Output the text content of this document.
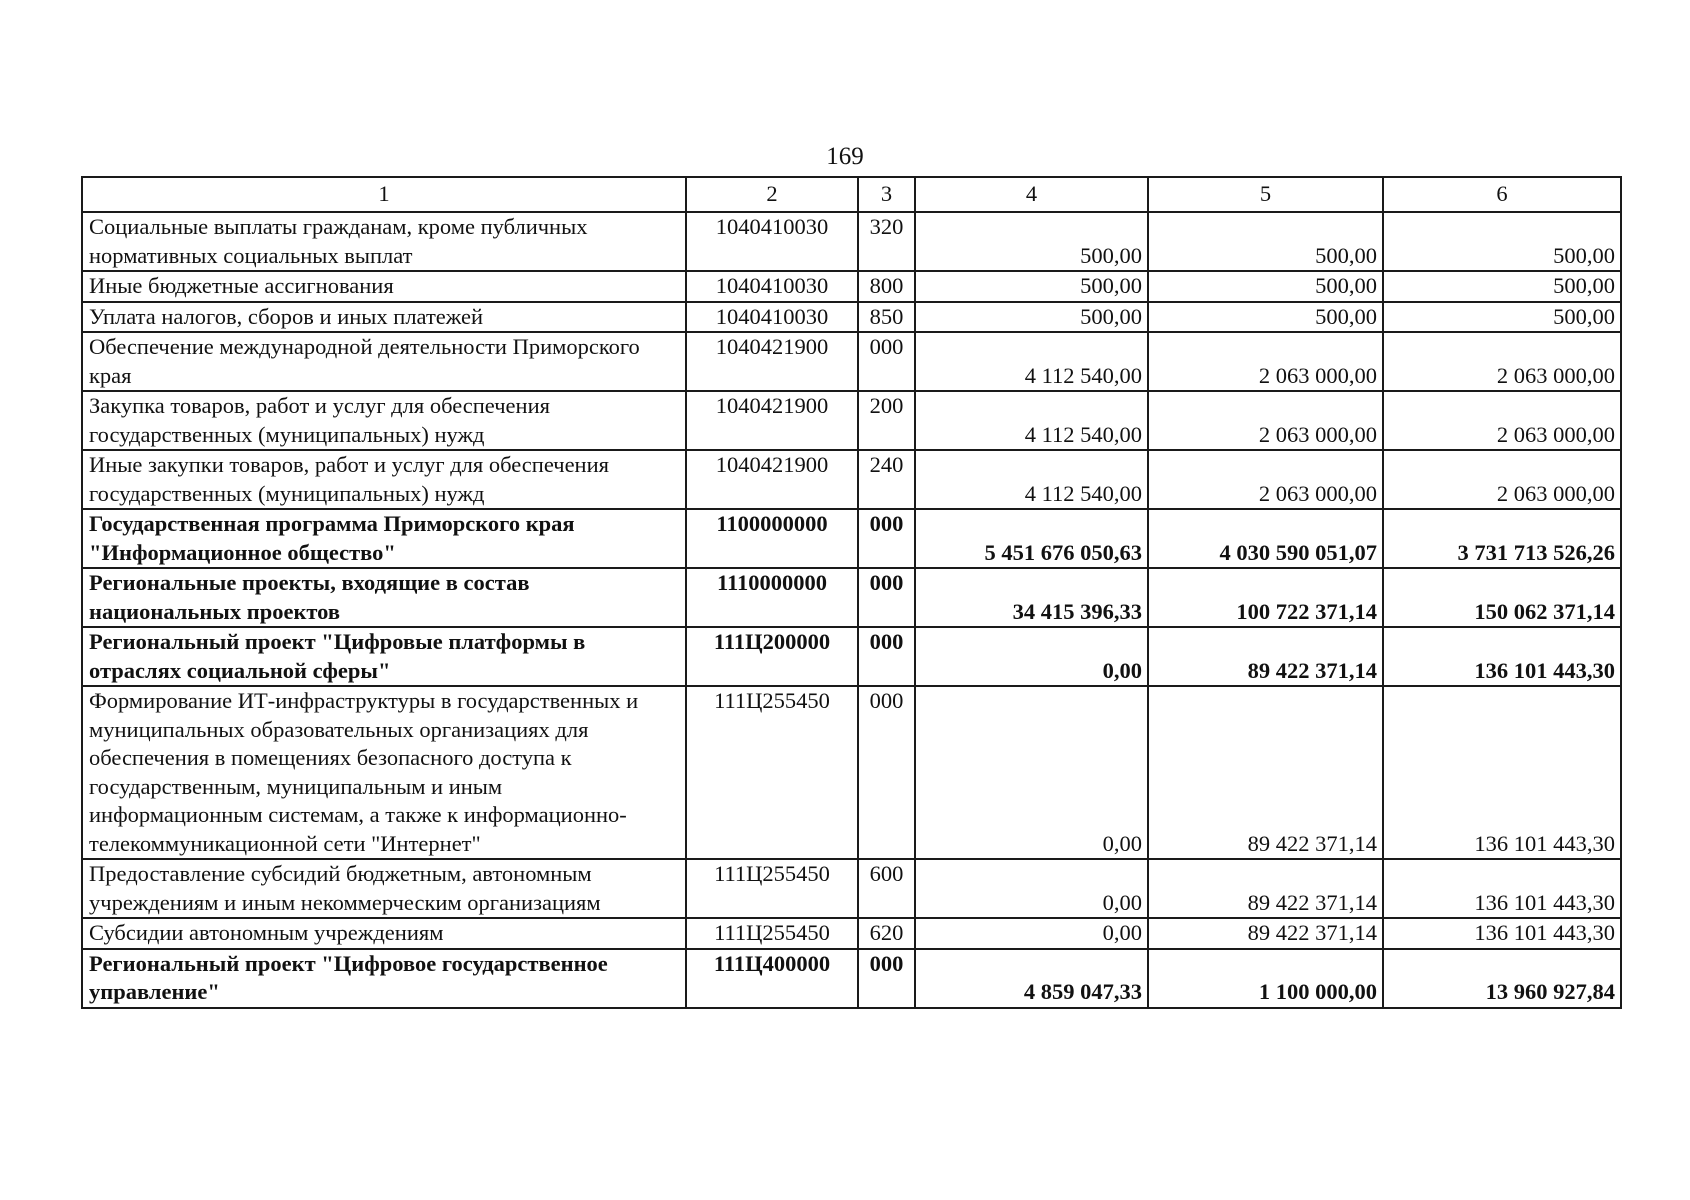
169
1	2	3	4	5	6
Социальные выплаты гражданам, кроме публичных нормативных социальных выплат	1040410030	320	500,00	500,00	500,00
Иные бюджетные ассигнования	1040410030	800	500,00	500,00	500,00
Уплата налогов, сборов и иных платежей	1040410030	850	500,00	500,00	500,00
Обеспечение международной деятельности Приморского края	1040421900	000	4 112 540,00	2 063 000,00	2 063 000,00
Закупка товаров, работ и услуг для обеспечения государственных (муниципальных) нужд	1040421900	200	4 112 540,00	2 063 000,00	2 063 000,00
Иные закупки товаров, работ и услуг для обеспечения государственных (муниципальных) нужд	1040421900	240	4 112 540,00	2 063 000,00	2 063 000,00
Государственная программа Приморского края "Информационное общество"	1100000000	000	5 451 676 050,63	4 030 590 051,07	3 731 713 526,26
Региональные проекты, входящие в состав национальных проектов	1110000000	000	34 415 396,33	100 722 371,14	150 062 371,14
Региональный проект "Цифровые платформы в отраслях социальной сферы"	111Ц200000	000	0,00	89 422 371,14	136 101 443,30
Формирование ИТ-инфраструктуры в государственных и муниципальных образовательных организациях для обеспечения в помещениях безопасного доступа к государственным, муниципальным и иным информационным системам, а также к информационно-телекоммуникационной сети "Интернет"	111Ц255450	000	0,00	89 422 371,14	136 101 443,30
Предоставление субсидий бюджетным, автономным учреждениям и иным некоммерческим организациям	111Ц255450	600	0,00	89 422 371,14	136 101 443,30
Субсидии автономным учреждениям	111Ц255450	620	0,00	89 422 371,14	136 101 443,30
Региональный проект "Цифровое государственное управление"	111Ц400000	000	4 859 047,33	1 100 000,00	13 960 927,84
